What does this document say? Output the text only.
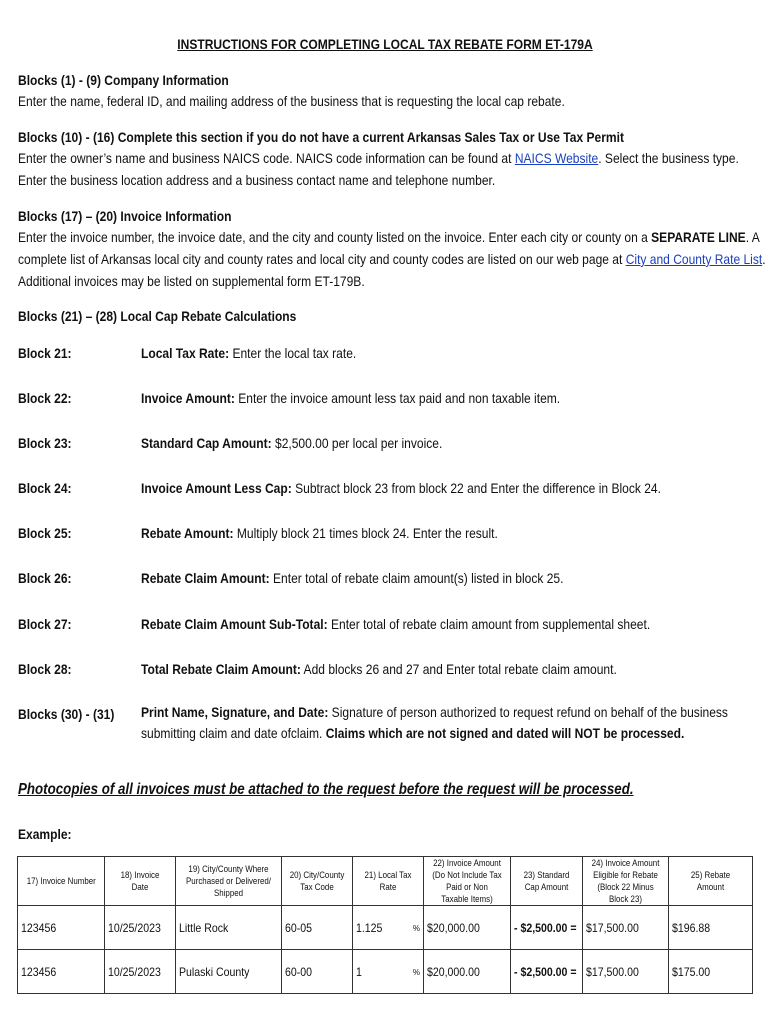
INSTRUCTIONS FOR COMPLETING LOCAL TAX REBATE FORM ET-179A
Blocks (1) - (9) Company Information

Enter the name, federal ID, and mailing address of the business that is requesting the local cap rebate.

Blocks (10) - (16) Complete this section if you do not have a current Arkansas Sales Tax or Use Tax Permit

Enter the owner’s name and business NAICS code. NAICS code information can be found at NAICS Website. Select the business type. Enter the business location address and a business contact name and telephone number.

Blocks (17) – (20) Invoice Information

Enter the invoice number, the invoice date, and the city and county listed on the invoice. Enter each city or county on a SEPARATE LINE. A complete list of Arkansas local city and county rates and local city and county codes are listed on our web page at City and County Rate List. Additional invoices may be listed on supplemental form ET-179B.

Blocks (21) – (28) Local Cap Rebate Calculations
Block 21:	Local Tax Rate: Enter the local tax rate.
Block 22:	Invoice Amount: Enter the invoice amount less tax paid and non taxable item.
Block 23:	Standard Cap Amount: $2,500.00 per local per invoice.
Block 24:	Invoice Amount Less Cap: Subtract block 23 from block 22 and Enter the difference in Block 24.
Block 25:	Rebate Amount: Multiply block 21 times block 24. Enter the result.
Block 26:	Rebate Claim Amount: Enter total of rebate claim amount(s) listed in block 25.
Block 27:	Rebate Claim Amount Sub-Total: Enter total of rebate claim amount from supplemental sheet.
Block 28:	Total Rebate Claim Amount: Add blocks 26 and 27 and Enter total rebate claim amount.
Blocks (30) - (31) Print Name, Signature, and Date: Signature of person authorized to request refund on behalf of the business submitting claim and date ofclaim. Claims which are not signed and dated will NOT be processed.
Photocopies of all invoices must be attached to the request before the request will be processed.
Example:
17) Invoice Number	18) Invoice Date	19) City/County Where Purchased or Delivered/ Shipped	20) City/County Tax Code	21) Local Tax Rate	22) Invoice Amount (Do Not Include Tax Paid or Non Taxable Items)	23) Standard Cap Amount	24) Invoice Amount Eligible for Rebate (Block 22 Minus Block 23)	25) Rebate Amount
123456	10/25/2023	Little Rock	60-05	1.125 %	$20,000.00	- $2,500.00 =	$17,500.00	$196.88
123456	10/25/2023	Pulaski County	60-00	1 %	$20,000.00	- $2,500.00 =	$17,500.00	$175.00
